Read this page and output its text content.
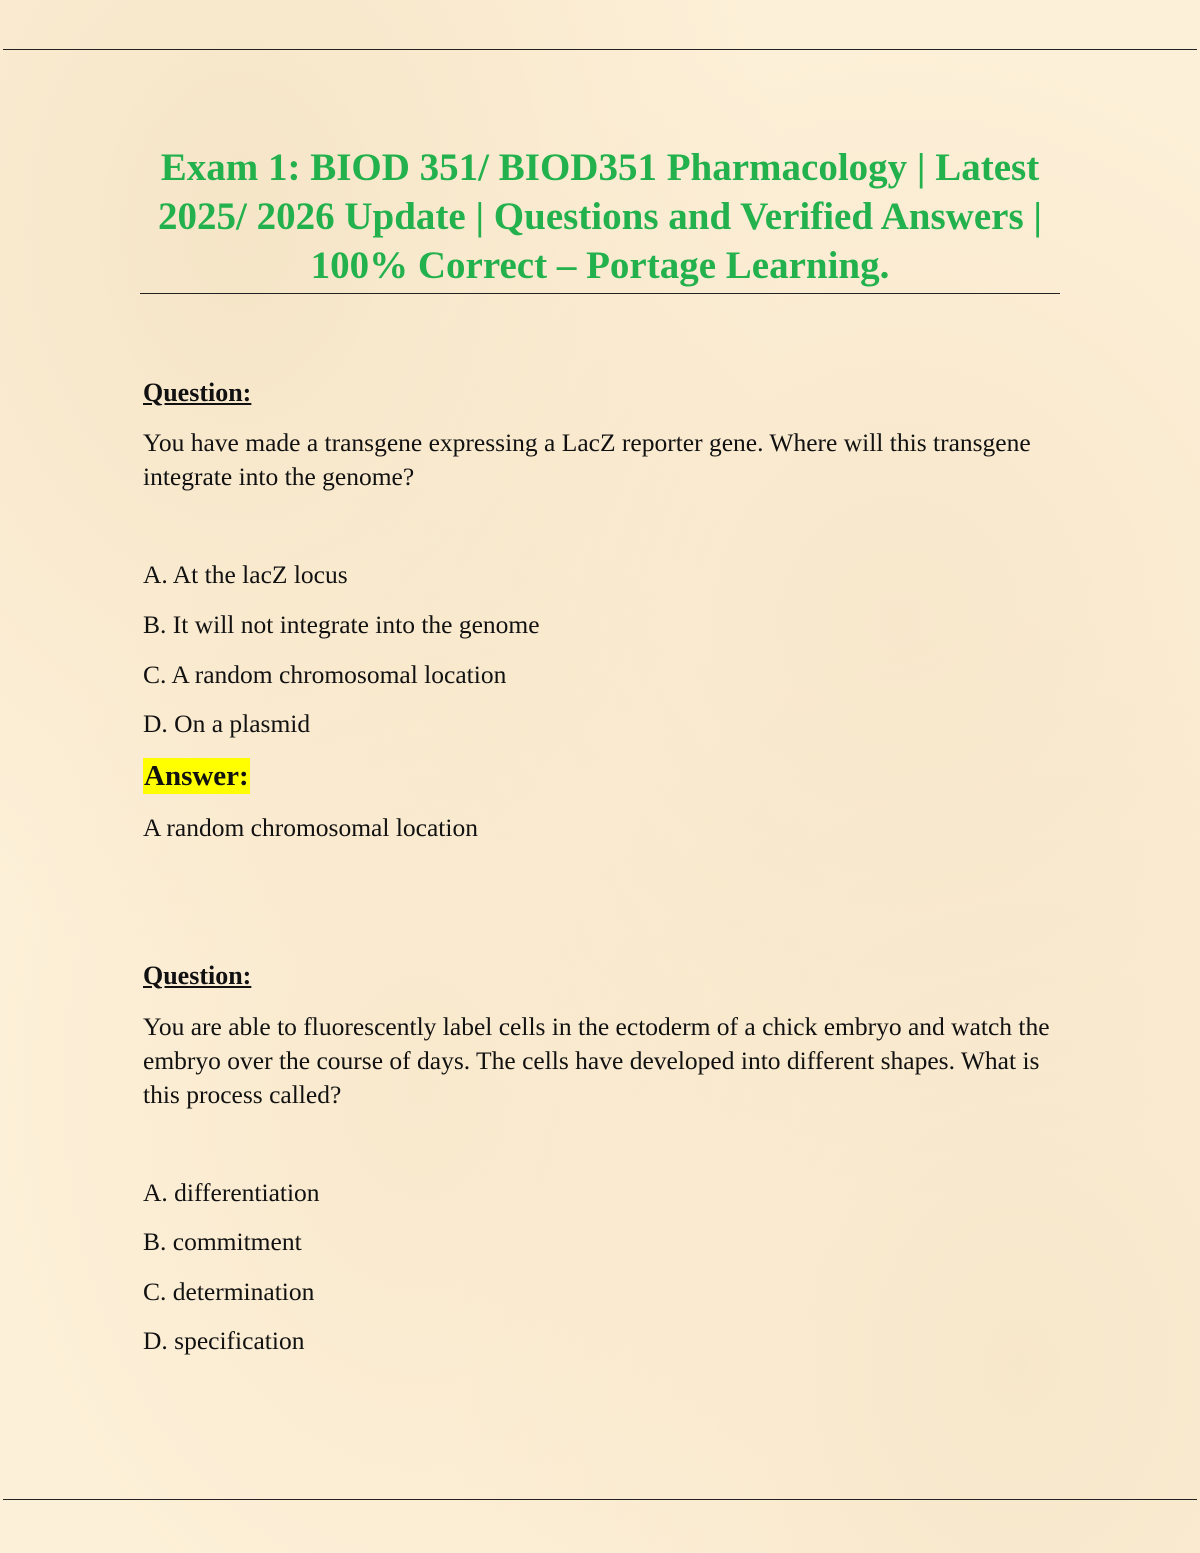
Exam 1: BIOD 351/ BIOD351 Pharmacology | Latest 2025/ 2026 Update | Questions and Verified Answers | 100% Correct – Portage Learning.

Question:

You have made a transgene expressing a LacZ reporter gene. Where will this transgene integrate into the genome?

A. At the lacZ locus

B. It will not integrate into the genome

C. A random chromosomal location

D. On a plasmid

Answer:

A random chromosomal location

Question:

You are able to fluorescently label cells in the ectoderm of a chick embryo and watch the embryo over the course of days. The cells have developed into different shapes. What is this process called?

A. differentiation

B. commitment

C. determination

D. specification
